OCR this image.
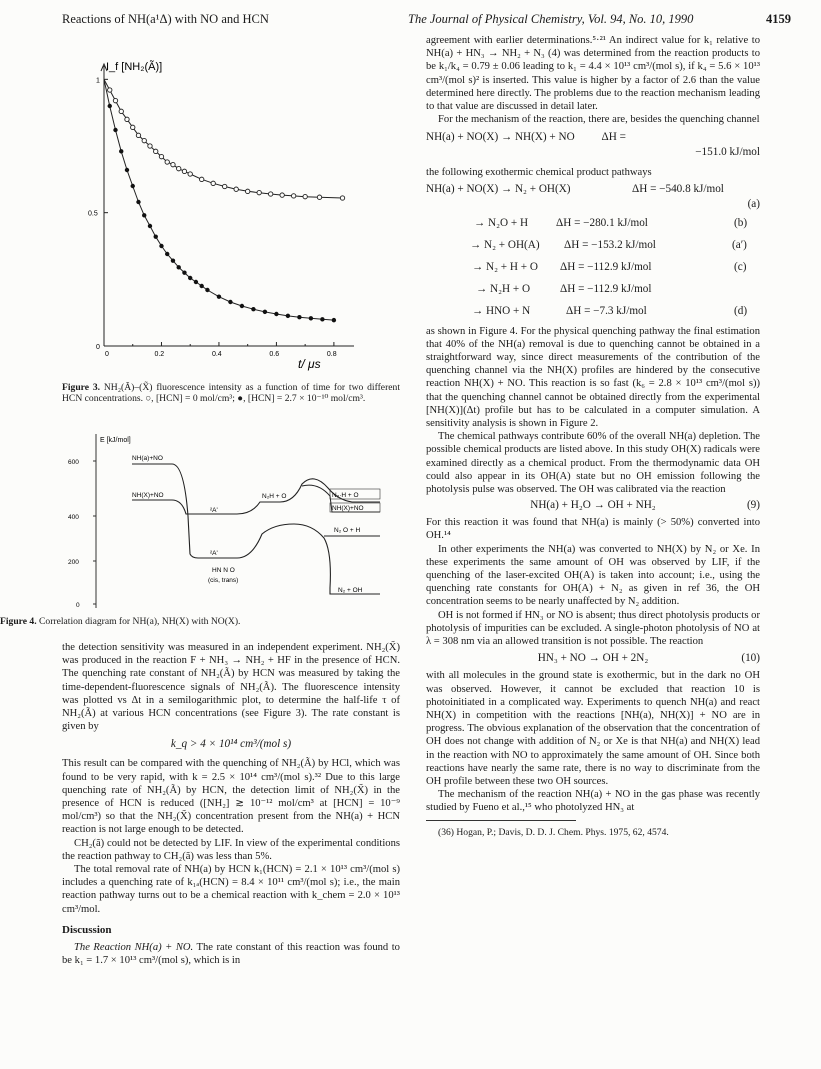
Reactions of NH(a¹Δ) with NO and HCN	The Journal of Physical Chemistry, Vol. 94, No. 10, 1990	4159
0	0.2	0.4	0.6	0.8
1
0.5
0
I_f [NH₂(Ã)]
t/ μs
Figure 3. NH₂(Ã)–(X̃) fluorescence intensity as a function of time for two different HCN concentrations. ○, [HCN] = 0 mol/cm³; ●, [HCN] = 2.7 × 10⁻¹⁰ mol/cm³.
E [kJ/mol]
600
400
200
0
NH(a)+NO
NH(X)+NO
²A'
²A'
HN N O
(cis, trans)
N₂H + O	N₂·H + O
NH(X)+NO
N₂ O + H
N₂ + OH
Figure 4. Correlation diagram for NH(a), NH(X) with NO(X).

the detection sensitivity was measured in an independent experiment. NH₂(X̃) was produced in the reaction F + NH₃ → NH₂ + HF in the presence of HCN. The quenching rate constant of NH₂(Ã) by HCN was measured by taking the time-dependent-fluorescence signals of NH₂(Ã). The fluorescence intensity was plotted vs Δt in a semilogarithmic plot, to determine the half-life τ of NH₂(Ã) at various HCN concentrations (see Figure 3). The rate constant is given by

k_q > 4 × 10¹⁴ cm³/(mol s)

This result can be compared with the quenching of NH₂(Ã) by HCl, which was found to be very rapid, with k = 2.5 × 10¹⁴ cm³/(mol s).³² Due to this large quenching rate of NH₂(Ã) by HCN, the detection limit of NH₂(X̃) in the presence of HCN is reduced ([NH₂] ≳ 10⁻¹² mol/cm³ at [HCN] = 10⁻⁹ mol/cm³) so that the NH₂(X̃) concentration present from the NH(a) + HCN reaction is not large enough to be detected.

CH₂(ã) could not be detected by LIF. In view of the experimental conditions the reaction pathway to CH₂(ã) was less than 5%.

The total removal rate of NH(a) by HCN k₁(HCN) = 2.1 × 10¹³ cm³/(mol s) includes a quenching rate of k₁ₐ(HCN) = 8.4 × 10¹¹ cm³/(mol s); i.e., the main reaction pathway turns out to be a chemical reaction with k_chem = 2.0 × 10¹³ cm³/mol.

Discussion

The Reaction NH(a) + NO. The rate constant of this reaction was found to be k₁ = 1.7 × 10¹³ cm³/(mol s), which is in

agreement with earlier determinations.⁵·²¹ An indirect value for k₁ relative to NH(a) + HN₃ → NH₂ + N₃ (4) was determined from the reaction products to be k₁/k₄ = 0.79 ± 0.06 leading to k₁ = 4.4 × 10¹³ cm³/(mol s), if k₄ = 5.6 × 10¹³ cm³/(mol s)² is inserted. This value is higher by a factor of 2.6 than the value determined here directly. The problems due to the reaction mechanism leading to that value are discussed in detail later.

For the mechanism of the reaction, there are, besides the quenching channel

NH(a) + NO(X) → NH(X) + NO ΔH =
−151.0 kJ/mol

the following exothermic chemical product pathways

NH(a) + NO(X) → N₂ + OH(X)	ΔH = −540.8 kJ/mol
(a)
→ N₂O + H ΔH = −280.1 kJ/mol	(b)
→ N₂ + OH(A) ΔH = −153.2 kJ/mol	(a′)
→ N₂ + H + O ΔH = −112.9 kJ/mol	(c)
→ N₂H + O	ΔH = −112.9 kJ/mol
→ HNO + N	ΔH = −7.3 kJ/mol	(d)

as shown in Figure 4. For the physical quenching pathway the final estimation that 40% of the NH(a) removal is due to quenching cannot be obtained in a straightforward way, since direct measurements of the contribution of the quenching channel via the NH(X) profiles are hindered by the consecutive reaction NH(X) + NO. This reaction is so fast (k₆ = 2.8 × 10¹³ cm³/(mol s)) that the quenching channel cannot be obtained directly from the experimental [NH(X)](Δt) profile but has to be calculated in a computer simulation. A sensitivity analysis is shown in Figure 2.

The chemical pathways contribute 60% of the overall NH(a) depletion. The possible chemical products are listed above. In this study OH(X) radicals were examined directly as a chemical product. From the thermodynamic data OH could also appear in its OH(A) state but no OH emission following the photolysis pulse was observed. The OH was calibrated via the reaction

NH(a) + H₂O → OH + NH₂	(9)

For this reaction it was found that NH(a) is mainly (> 50%) converted into OH.¹⁴

In other experiments the NH(a) was converted to NH(X) by N₂ or Xe. In these experiments the same amount of OH was observed by LIF, if the quenching of the laser-excited OH(A) is taken into account; i.e., using the quenching rate constants for OH(A) + N₂ as given in ref 36, the OH concentration seems to be nearly unaffected by N₂ addition.

OH is not formed if HN₃ or NO is absent; thus direct photolysis products or photolysis of impurities can be excluded. A single-photon photolysis of NO at λ = 308 nm via an allowed transition is not possible. The reaction

HN₃ + NO → OH + 2N₂	(10)

with all molecules in the ground state is exothermic, but in the dark no OH was observed. However, it cannot be excluded that reaction 10 is photoinitiated in a complicated way. Experiments to quench NH(a) and react NH(X) in competition with the reactions [NH(a), NH(X)] + NO are in progress. The obvious explanation of the observation that the concentration of OH does not change with addition of N₂ or Xe is that NH(a) and NH(X) lead in the reaction with NO to approximately the same amount of OH. Since both reactions have nearly the same rate, there is no way to discriminate from the OH profile between these two OH sources.

The mechanism of the reaction NH(a) + NO in the gas phase was recently studied by Fueno et al.,¹⁵ who photolyzed HN₃ at

(36) Hogan, P.; Davis, D. D. J. Chem. Phys. 1975, 62, 4574.
